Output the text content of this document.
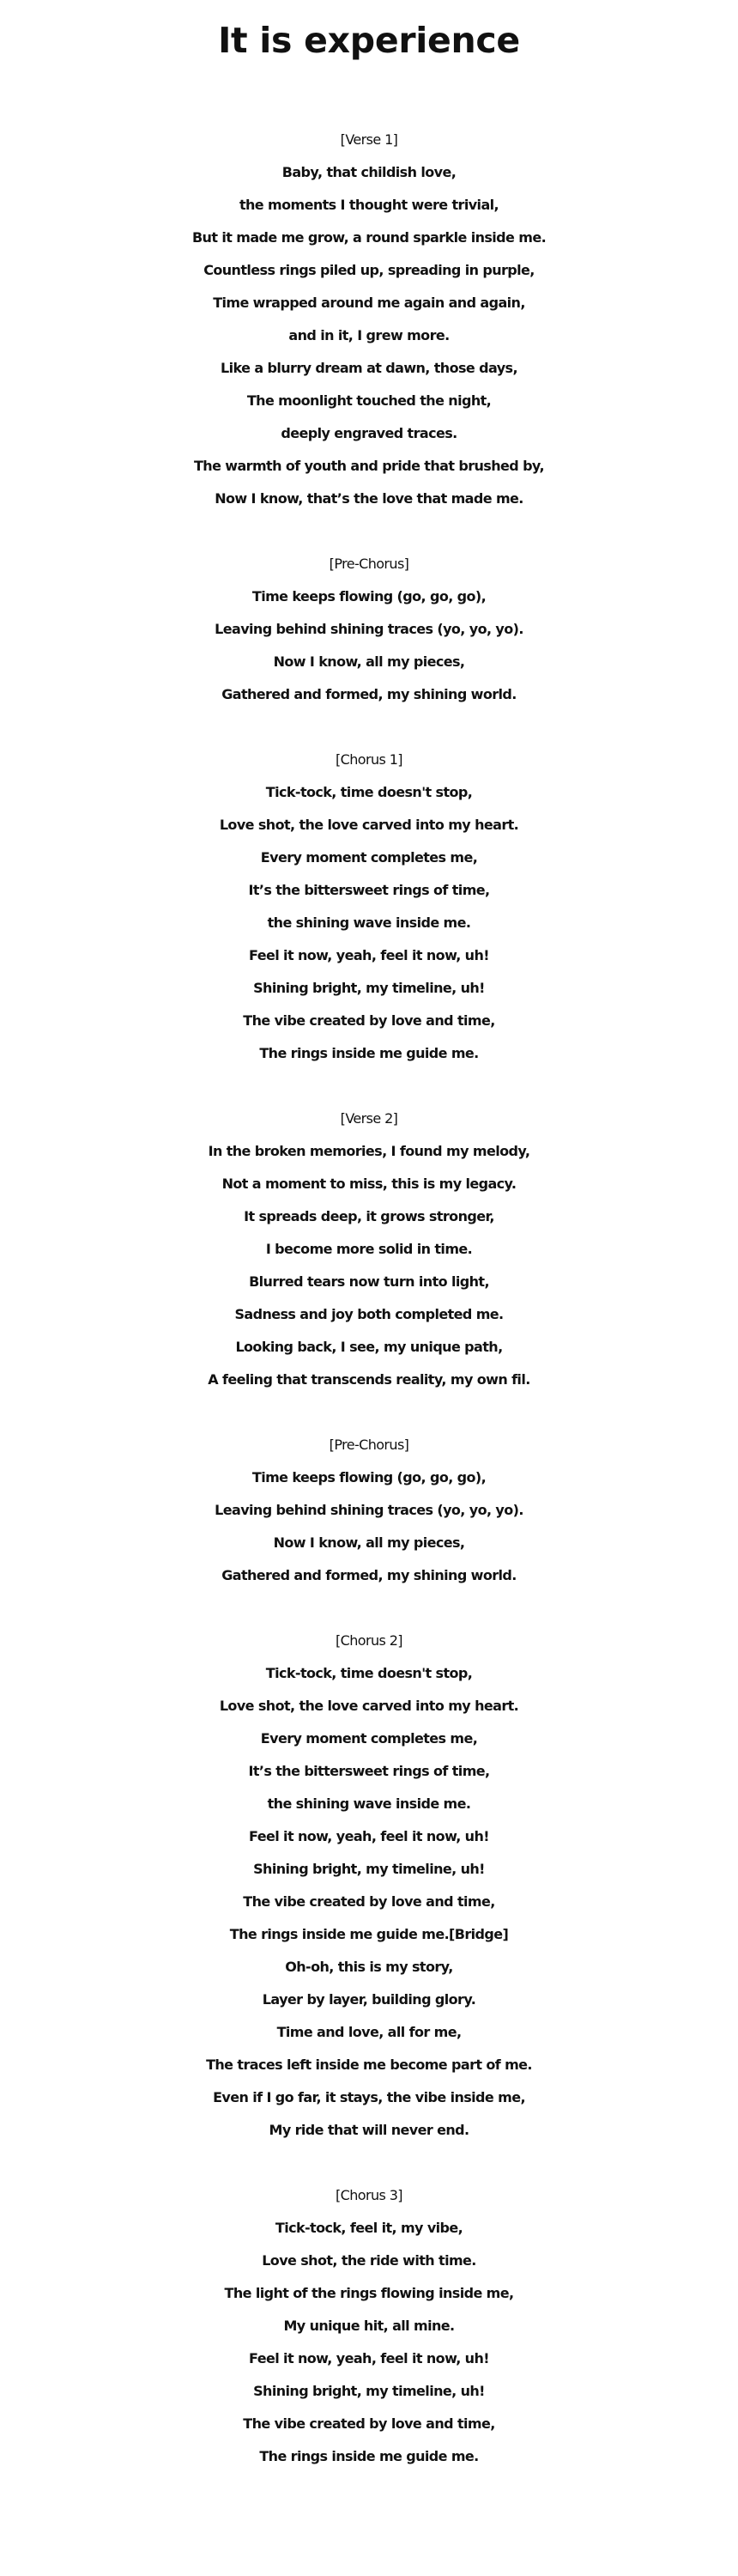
It is experience
[Verse 1]
Baby, that childish love,
the moments I thought were trivial,
But it made me grow, a round sparkle inside me.
Countless rings piled up, spreading in purple,
Time wrapped around me again and again,
and in it, I grew more.
Like a blurry dream at dawn, those days,
The moonlight touched the night,
deeply engraved traces.
The warmth of youth and pride that brushed by,
Now I know, that’s the love that made me.
[Pre-Chorus]
Time keeps flowing (go, go, go),
Leaving behind shining traces (yo, yo, yo).
Now I know, all my pieces,
Gathered and formed, my shining world.
[Chorus 1]
Tick-tock, time doesn't stop,
Love shot, the love carved into my heart.
Every moment completes me,
It’s the bittersweet rings of time,
the shining wave inside me.
Feel it now, yeah, feel it now, uh!
Shining bright, my timeline, uh!
The vibe created by love and time,
The rings inside me guide me.
[Verse 2]
In the broken memories, I found my melody,
Not a moment to miss, this is my legacy.
It spreads deep, it grows stronger,
I become more solid in time.
Blurred tears now turn into light,
Sadness and joy both completed me.
Looking back, I see, my unique path,
A feeling that transcends reality, my own fil.
[Pre-Chorus]
Time keeps flowing (go, go, go),
Leaving behind shining traces (yo, yo, yo).
Now I know, all my pieces,
Gathered and formed, my shining world.
[Chorus 2]
Tick-tock, time doesn't stop,
Love shot, the love carved into my heart.
Every moment completes me,
It’s the bittersweet rings of time,
the shining wave inside me.
Feel it now, yeah, feel it now, uh!
Shining bright, my timeline, uh!
The vibe created by love and time,
The rings inside me guide me.[Bridge]
Oh-oh, this is my story,
Layer by layer, building glory.
Time and love, all for me,
The traces left inside me become part of me.
Even if I go far, it stays, the vibe inside me,
My ride that will never end.
[Chorus 3]
Tick-tock, feel it, my vibe,
Love shot, the ride with time.
The light of the rings flowing inside me,
My unique hit, all mine.
Feel it now, yeah, feel it now, uh!
Shining bright, my timeline, uh!
The vibe created by love and time,
The rings inside me guide me.
